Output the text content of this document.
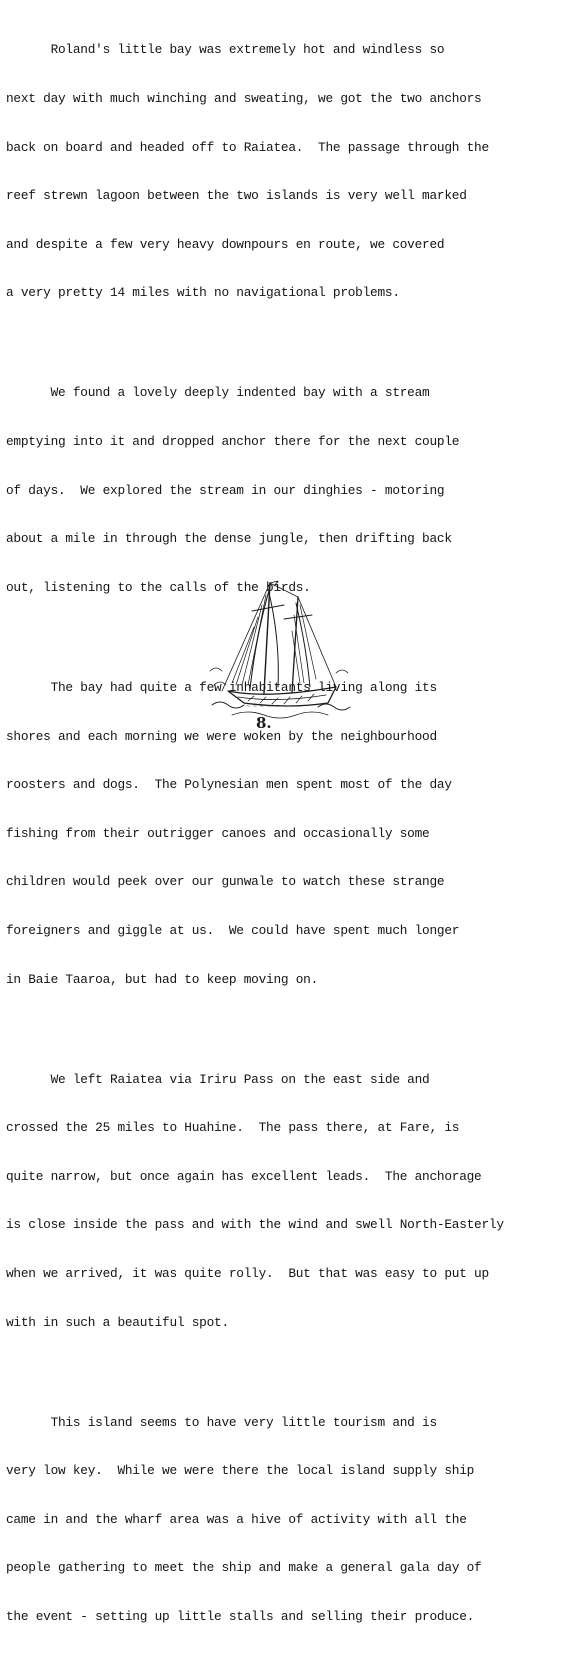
Roland's little bay was extremely hot and windless so

next day with much winching and sweating, we got the two anchors

back on board and headed off to Raiatea.  The passage through the

reef strewn lagoon between the two islands is very well marked

and despite a few very heavy downpours en route, we covered

a very pretty 14 miles with no navigational problems.

We found a lovely deeply indented bay with a stream

emptying into it and dropped anchor there for the next couple

of days.  We explored the stream in our dinghies - motoring

about a mile in through the dense jungle, then drifting back

out, listening to the calls of the birds.

The bay had quite a few inhabitants living along its

shores and each morning we were woken by the neighbourhood

roosters and dogs.  The Polynesian men spent most of the day

fishing from their outrigger canoes and occasionally some

children would peek over our gunwale to watch these strange

foreigners and giggle at us.  We could have spent much longer

in Baie Taaroa, but had to keep moving on.

We left Raiatea via Iriru Pass on the east side and

crossed the 25 miles to Huahine.  The pass there, at Fare, is

quite narrow, but once again has excellent leads.  The anchorage

is close inside the pass and with the wind and swell North-Easterly

when we arrived, it was quite rolly.  But that was easy to put up

with in such a beautiful spot.

This island seems to have very little tourism and is

very low key.  While we were there the local island supply ship

came in and the wharf area was a hive of activity with all the

people gathering to meet the ship and make a general gala day of

the event - setting up little stalls and selling their produce.

~ ~ ~ ~ ~ ~ ~ ~
8.
